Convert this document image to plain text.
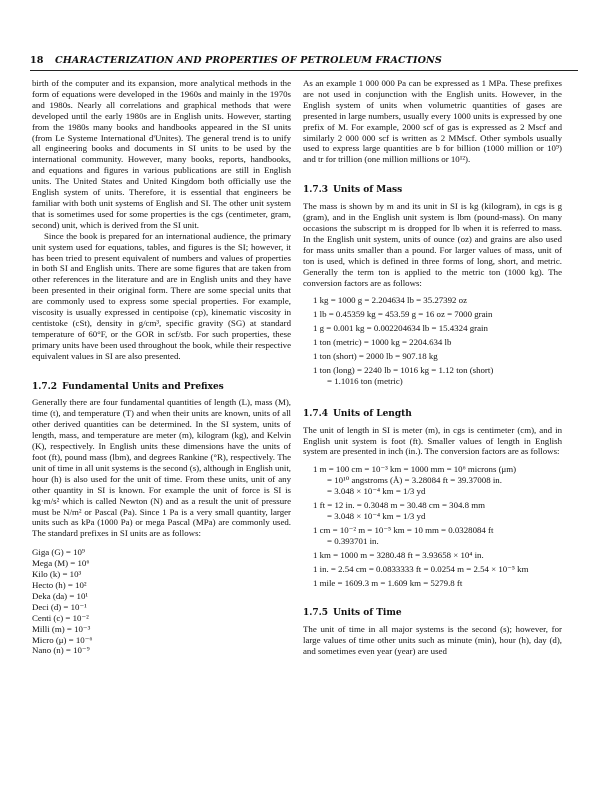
18 CHARACTERIZATION AND PROPERTIES OF PETROLEUM FRACTIONS

birth of the computer and its expansion, more analytical methods in the form of equations were developed in the 1960s and mainly in the 1970s and 1980s. Nearly all correlations and graphical methods that were developed until the early 1980s are in English units. However, starting from the 1980s many books and handbooks appeared in the SI units (from Le Systeme International d'Unites). The general trend is to unify all engineering books and documents in SI units to be used by the international community. However, many books, reports, handbooks, and equations and figures in various publications are still in English units. The United States and United Kingdom both officially use the English system of units. Therefore, it is essential that engineers be familiar with both unit systems of English and SI. The other unit system that is sometimes used for some properties is the cgs (centimeter, gram, second) unit, which is derived from the SI unit.

Since the book is prepared for an international audience, the primary unit system used for equations, tables, and figures is the SI; however, it has been tried to present equivalent of numbers and values of properties in both SI and English units. There are some figures that are taken from other references in the literature and are in English units and they have been presented in their original form. There are some special units that are commonly used to express some special properties. For example, viscosity is usually expressed in centipoise (cp), kinematic viscosity in centistoke (cSt), density in g/cm³, specific gravity (SG) at standard temperature of 60°F, or the GOR in scf/stb. For such properties, these primary units have been used throughout the book, while their respective equivalent values in SI are also presented.

1.7.2 Fundamental Units and Prefixes

Generally there are four fundamental quantities of length (L), mass (M), time (t), and temperature (T) and when their units are known, units of all other derived quantities can be determined. In the SI system, units of length, mass, and temperature are meter (m), kilogram (kg), and Kelvin (K), respectively. In English units these dimensions have the units of foot (ft), pound mass (lbm), and degrees Rankine (°R), respectively. The unit of time in all unit systems is the second (s), although in English unit, hour (h) is also used for the unit of time. From these units, unit of any other quantity in SI is known. For example the unit of force is SI is kg·m/s² which is called Newton (N) and as a result the unit of pressure must be N/m² or Pascal (Pa). Since 1 Pa is a very small quantity, larger units such as kPa (1000 Pa) or mega Pascal (MPa) are commonly used. The standard prefixes in SI units are as follows:

Giga (G) = 10⁹
Mega (M) = 10⁶
Kilo (k) = 10³
Hecto (h) = 10²
Deka (da) = 10¹
Deci (d) = 10⁻¹
Centi (c) = 10⁻²
Milli (m) = 10⁻³
Micro (μ) = 10⁻⁶
Nano (n) = 10⁻⁹

As an example 1 000 000 Pa can be expressed as 1 MPa. These prefixes are not used in conjunction with the English units. However, in the English system of units when volumetric quantities of gases are presented in large numbers, usually every 1000 units is expressed by one prefix of M. For example, 2000 scf of gas is expressed as 2 Mscf and similarly 2 000 000 scf is written as 2 MMscf. Other symbols usually used to express large quantities are b for billion (1000 million or 10⁹) and tr for trillion (one million millions or 10¹²).

1.7.3 Units of Mass

The mass is shown by m and its unit in SI is kg (kilogram), in cgs is g (gram), and in the English unit system is lbm (pound-mass). On many occasions the subscript m is dropped for lb when it is referred to mass. In the English unit system, units of ounce (oz) and grains are also used for mass units smaller than a pound. For larger values of mass, unit of ton is used, which is defined in three forms of long, short, and metric. Generally the term ton is applied to the metric ton (1000 kg). The conversion factors are as follows:

1 kg = 1000 g = 2.204634 lb = 35.27392 oz

1 lb = 0.45359 kg = 453.59 g = 16 oz = 7000 grain

1 g = 0.001 kg = 0.002204634 lb = 15.4324 grain

1 ton (metric) = 1000 kg = 2204.634 lb

1 ton (short) = 2000 lb = 907.18 kg

1 ton (long) = 2240 lb = 1016 kg = 1.12 ton (short)

= 1.1016 ton (metric)

1.7.4 Units of Length

The unit of length in SI is meter (m), in cgs is centimeter (cm), and in English unit system is foot (ft). Smaller values of length in English system are presented in inch (in.). The conversion factors are as follows:

1 m = 100 cm = 10⁻³ km = 1000 mm = 10⁶ microns (μm)

= 10¹⁰ angstroms (Å) = 3.28084 ft = 39.37008 in.

= 3.048 × 10⁻⁴ km = 1/3 yd

1 ft = 12 in. = 0.3048 m = 30.48 cm = 304.8 mm

= 3.048 × 10⁻⁴ km = 1/3 yd

1 cm = 10⁻² m = 10⁻⁵ km = 10 mm = 0.0328084 ft

= 0.393701 in.

1 km = 1000 m = 3280.48 ft = 3.93658 × 10⁴ in.

1 in. = 2.54 cm = 0.0833333 ft = 0.0254 m = 2.54 × 10⁻⁵ km

1 mile = 1609.3 m = 1.609 km = 5279.8 ft

1.7.5 Units of Time

The unit of time in all major systems is the second (s); however, for large values of time other units such as minute (min), hour (h), day (d), and sometimes even year (year) are used
